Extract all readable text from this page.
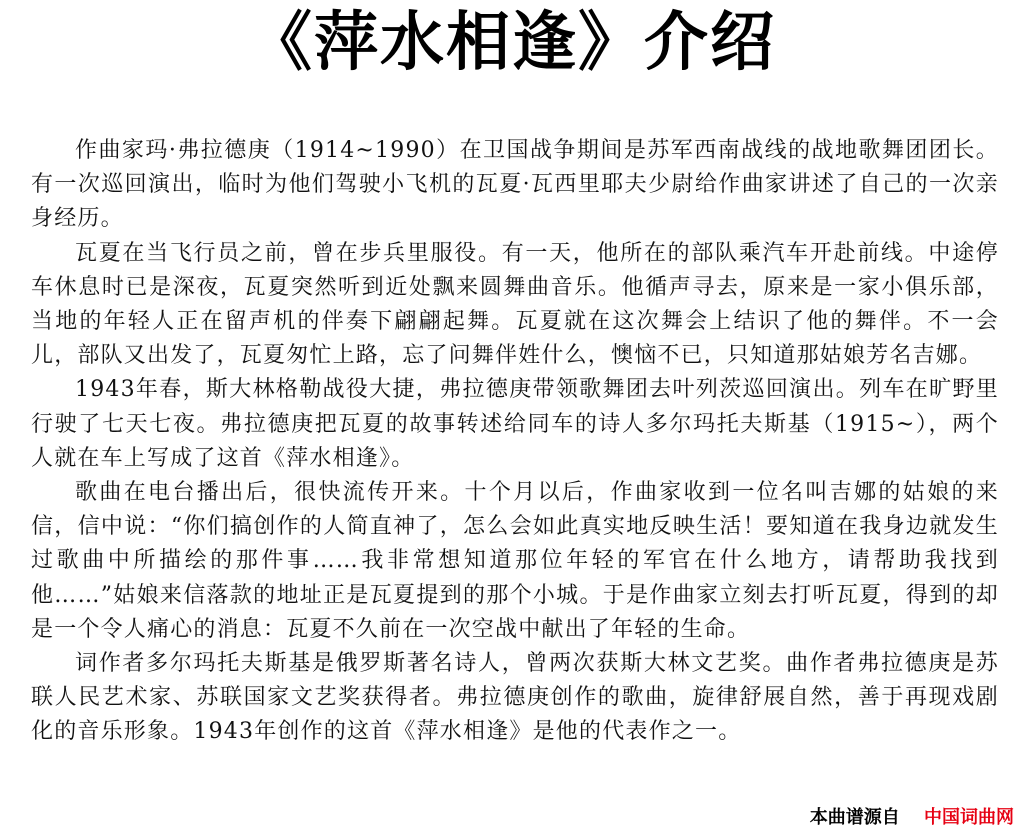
《萍水相逢》介绍

作曲家玛·弗拉德庚（1914~1990）在卫国战争期间是苏军西南战线的战地歌舞团团长。有一次巡回演出，临时为他们驾驶小飞机的瓦夏·瓦西里耶夫少尉给作曲家讲述了自己的一次亲身经历。

瓦夏在当飞行员之前，曾在步兵里服役。有一天，他所在的部队乘汽车开赴前线。中途停车休息时已是深夜，瓦夏突然听到近处飘来圆舞曲音乐。他循声寻去，原来是一家小俱乐部，当地的年轻人正在留声机的伴奏下翩翩起舞。瓦夏就在这次舞会上结识了他的舞伴。不一会儿，部队又出发了，瓦夏匆忙上路，忘了问舞伴姓什么，懊恼不已，只知道那姑娘芳名吉娜。

1943年春，斯大林格勒战役大捷，弗拉德庚带领歌舞团去叶列茨巡回演出。列车在旷野里行驶了七天七夜。弗拉德庚把瓦夏的故事转述给同车的诗人多尔玛托夫斯基（1915~），两个人就在车上写成了这首《萍水相逢》。

歌曲在电台播出后，很快流传开来。十个月以后，作曲家收到一位名叫吉娜的姑娘的来信，信中说：“你们搞创作的人简直神了，怎么会如此真实地反映生活！要知道在我身边就发生过歌曲中所描绘的那件事……我非常想知道那位年轻的军官在什么地方，请帮助我找到他……”姑娘来信落款的地址正是瓦夏提到的那个小城。于是作曲家立刻去打听瓦夏，得到的却是一个令人痛心的消息：瓦夏不久前在一次空战中献出了年轻的生命。

词作者多尔玛托夫斯基是俄罗斯著名诗人，曾两次获斯大林文艺奖。曲作者弗拉德庚是苏联人民艺术家、苏联国家文艺奖获得者。弗拉德庚创作的歌曲，旋律舒展自然，善于再现戏剧化的音乐形象。1943年创作的这首《萍水相逢》是他的代表作之一。

本曲谱源自 中国词曲网
